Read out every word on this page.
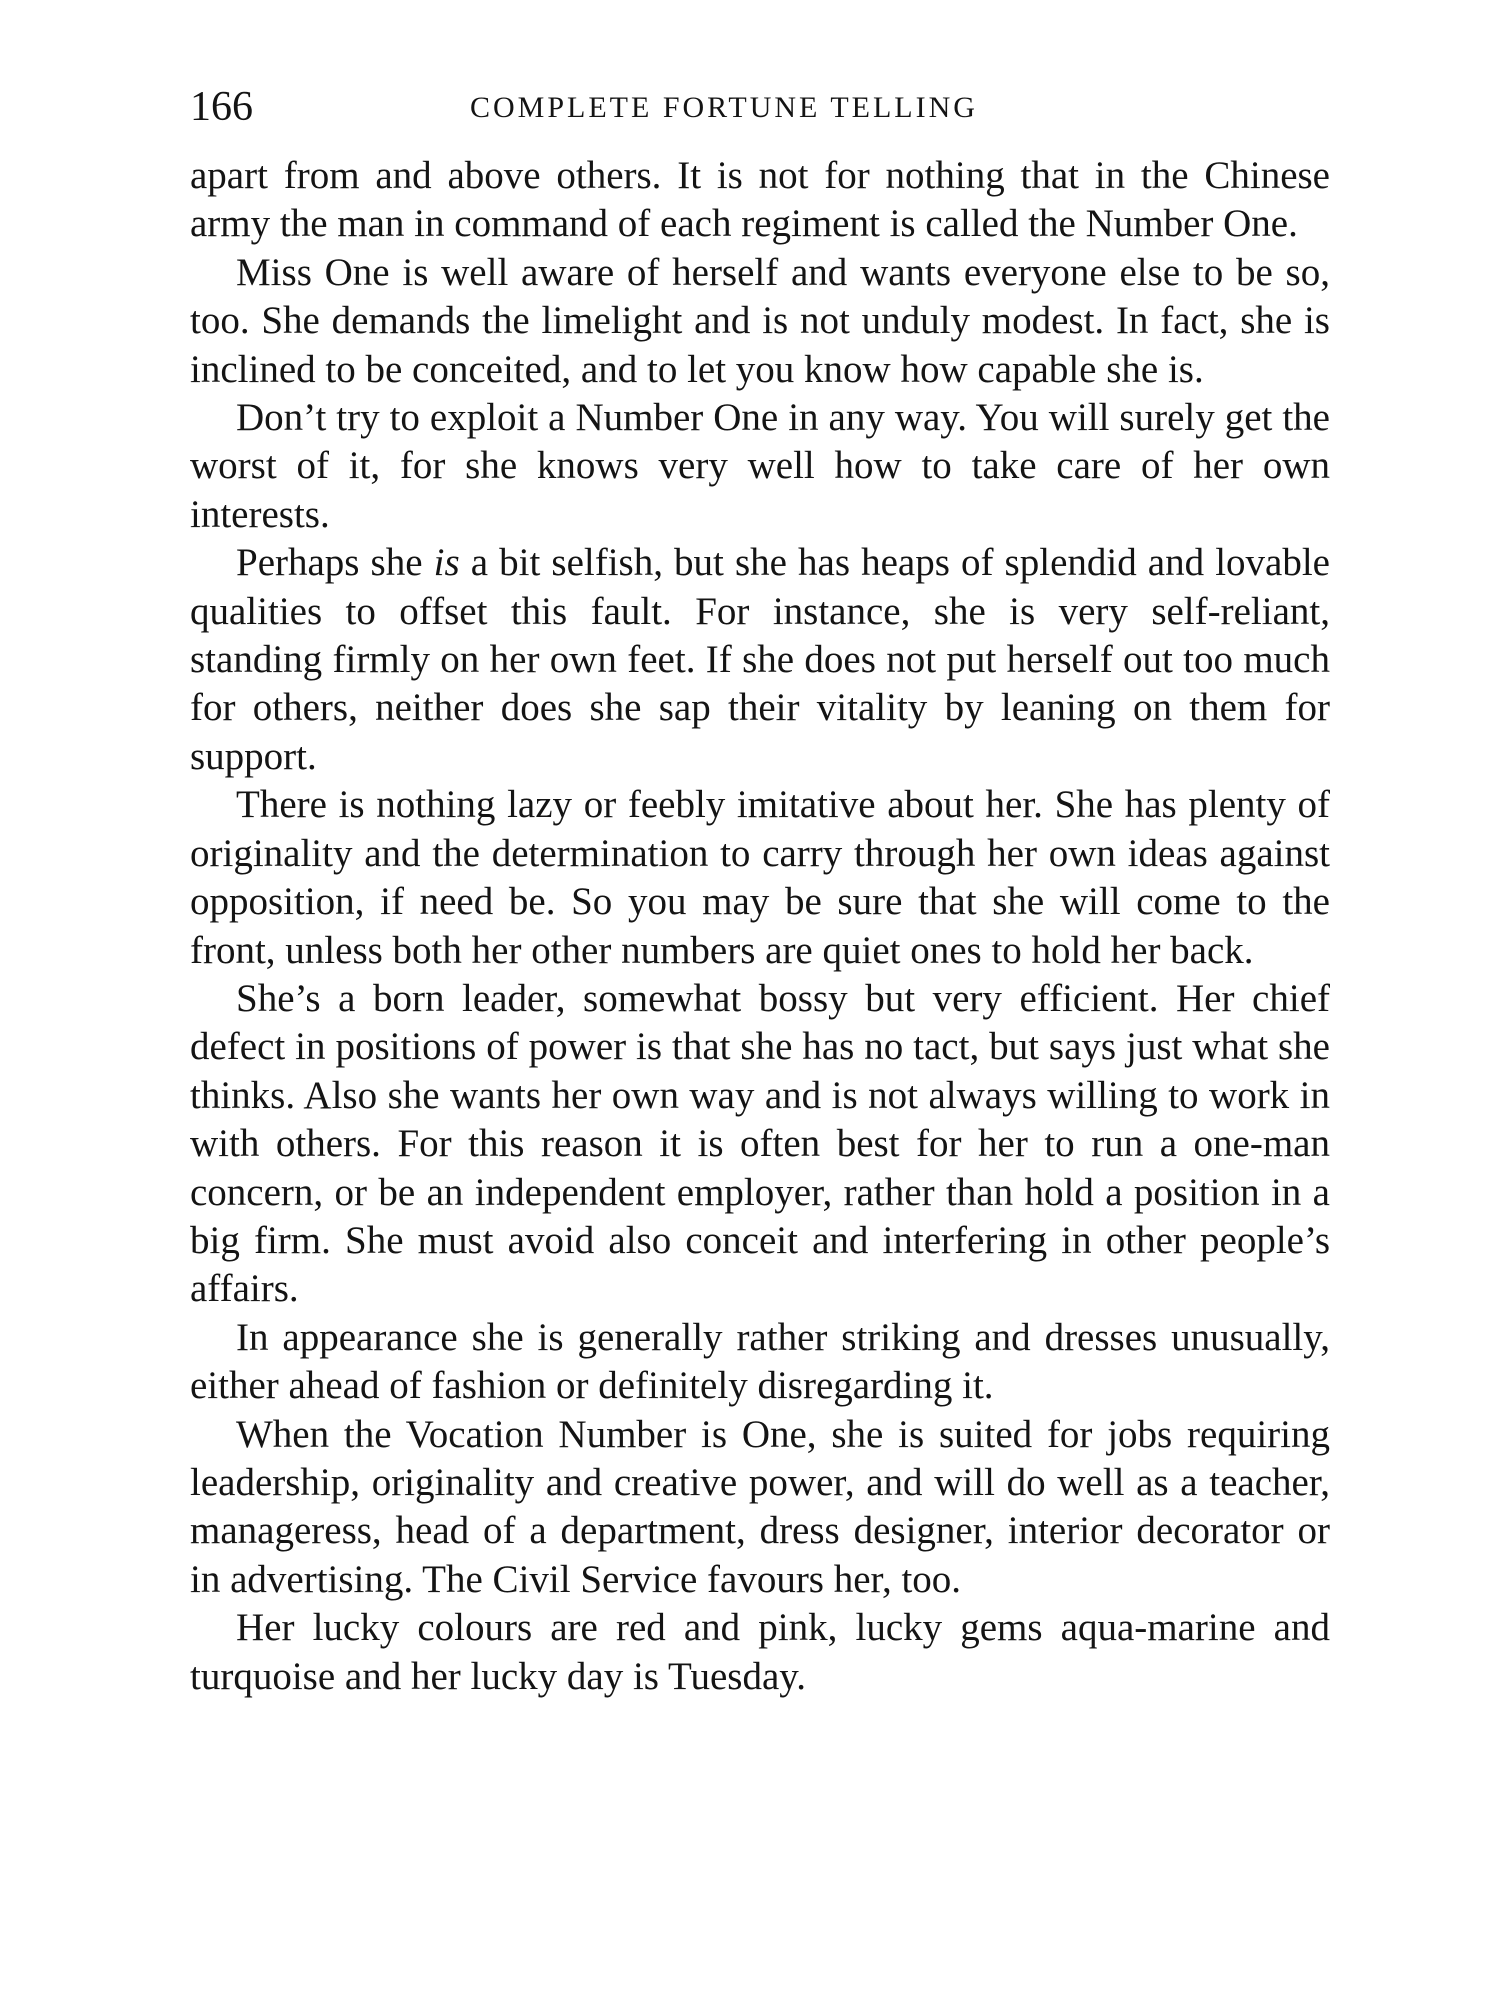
166	COMPLETE FORTUNE TELLING

apart from and above others. It is not for nothing that in the Chinese army the man in command of each regiment is called the Number One.

Miss One is well aware of herself and wants everyone else to be so, too. She demands the limelight and is not unduly modest. In fact, she is inclined to be conceited, and to let you know how capable she is.

Don’t try to exploit a Number One in any way. You will surely get the worst of it, for she knows very well how to take care of her own interests.

Perhaps she is a bit selfish, but she has heaps of splendid and lovable qualities to offset this fault. For instance, she is very self-reliant, standing firmly on her own feet. If she does not put herself out too much for others, neither does she sap their vitality by leaning on them for support.

There is nothing lazy or feebly imitative about her. She has plenty of originality and the determination to carry through her own ideas against opposition, if need be. So you may be sure that she will come to the front, unless both her other numbers are quiet ones to hold her back.

She’s a born leader, somewhat bossy but very efficient. Her chief defect in positions of power is that she has no tact, but says just what she thinks. Also she wants her own way and is not always willing to work in with others. For this reason it is often best for her to run a one-man concern, or be an independent employer, rather than hold a position in a big firm. She must avoid also conceit and interfering in other people’s affairs.

In appearance she is generally rather striking and dresses unusually, either ahead of fashion or definitely disregarding it.

When the Vocation Number is One, she is suited for jobs requiring leadership, originality and creative power, and will do well as a teacher, manageress, head of a department, dress designer, interior decorator or in advertising. The Civil Service favours her, too.

Her lucky colours are red and pink, lucky gems aqua-marine and turquoise and her lucky day is Tuesday.
